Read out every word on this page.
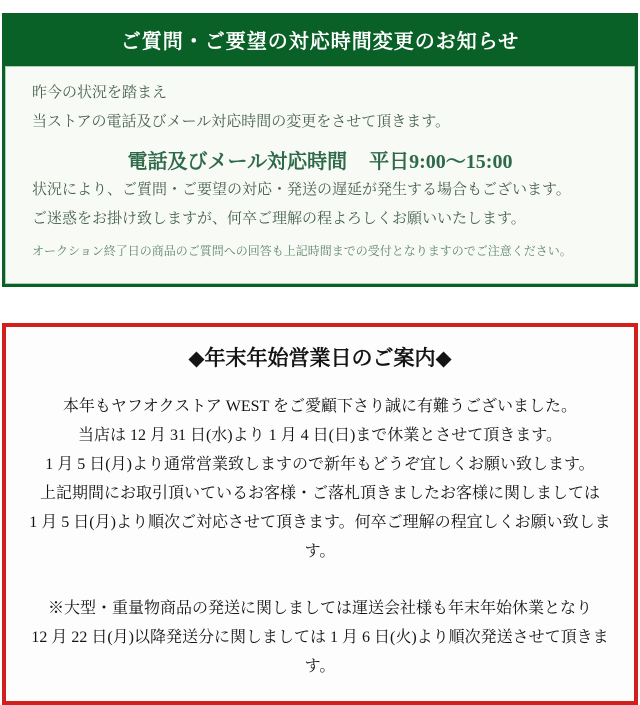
ご質問・ご要望の対応時間変更のお知らせ

昨今の状況を踏まえ
当ストアの電話及びメール対応時間の変更をさせて頂きます。

電話及びメール対応時間 平日9:00～15:00

状況により、ご質問・ご要望の対応・発送の遅延が発生する場合もございます。
ご迷惑をお掛け致しますが、何卒ご理解の程よろしくお願いいたします。

オークション終了日の商品のご質問への回答も上記時間までの受付となりますのでご注意ください。

◆年末年始営業日のご案内◆
本年もヤフオクストア WEST をご愛顧下さり誠に有難うございました。
当店は 12 月 31 日(水)より 1 月 4 日(日)まで休業とさせて頂きます。
1 月 5 日(月)より通常営業致しますので新年もどうぞ宜しくお願い致します。
上記期間にお取引頂いているお客様・ご落札頂きましたお客様に関しましては
1 月 5 日(月)より順次ご対応させて頂きます。何卒ご理解の程宜しくお願い致します。
※大型・重量物商品の発送に関しましては運送会社様も年末年始休業となり
12 月 22 日(月)以降発送分に関しましては 1 月 6 日(火)より順次発送させて頂きます。
